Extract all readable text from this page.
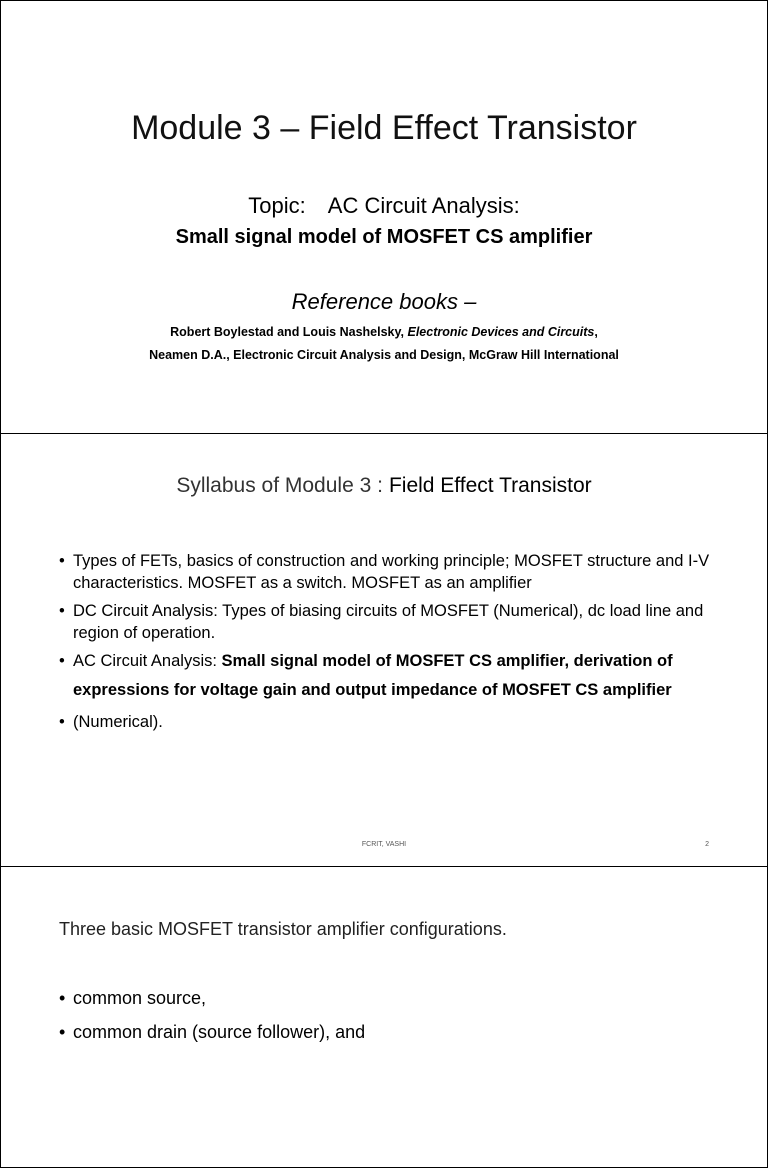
Module 3 – Field Effect Transistor
Topic: AC Circuit Analysis:
Small signal model of MOSFET CS amplifier
Reference books –
Robert Boylestad and Louis Nashelsky, Electronic Devices and Circuits,
Neamen D.A., Electronic Circuit Analysis and Design, McGraw Hill International
Syllabus of Module 3 : Field Effect Transistor
• Types of FETs, basics of construction and working principle; MOSFET structure and I-V characteristics. MOSFET as a switch. MOSFET as an amplifier
• DC Circuit Analysis: Types of biasing circuits of MOSFET (Numerical), dc load line and region of operation.
• AC Circuit Analysis: Small signal model of MOSFET CS amplifier, derivation of expressions for voltage gain and output impedance of MOSFET CS amplifier
• (Numerical).
FCRIT, VASHI	2
Three basic MOSFET transistor amplifier configurations.
• common source,
• common drain (source follower), and
